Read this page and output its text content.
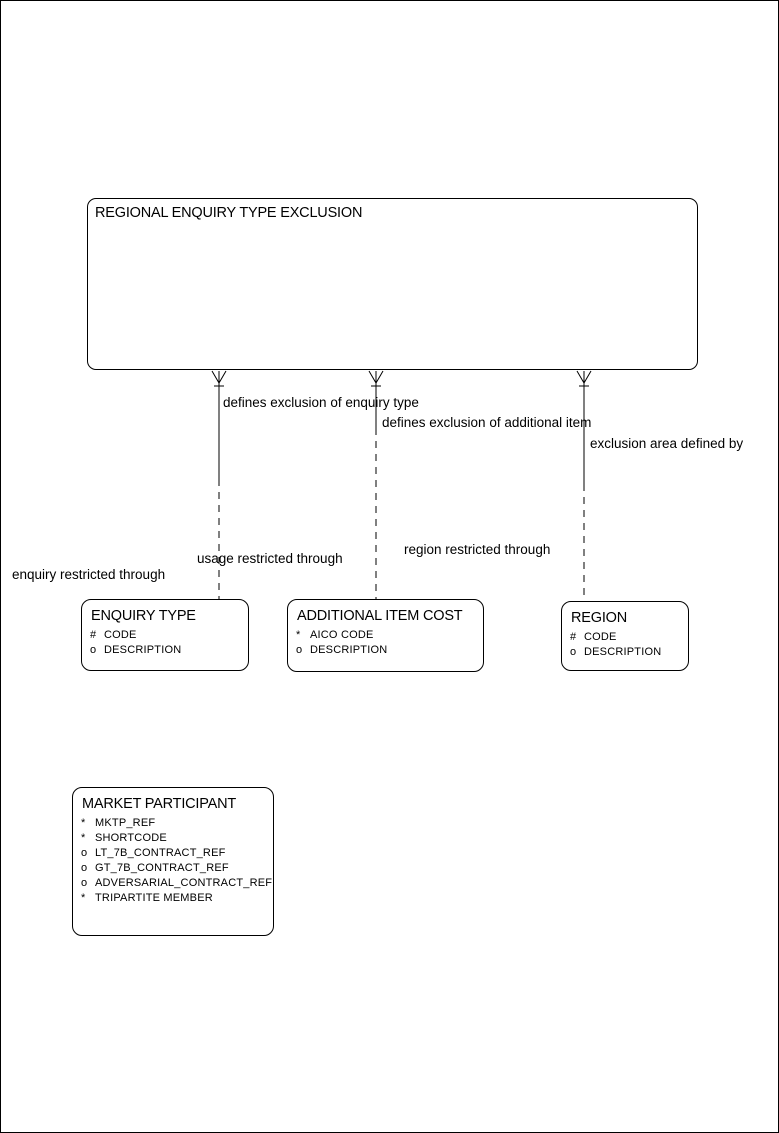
REGIONAL ENQUIRY TYPE EXCLUSION
defines exclusion of enquiry type
defines exclusion of additional item
exclusion area defined by
enquiry restricted through
usage restricted through
region restricted through
ENQUIRY TYPE
# CODE
o DESCRIPTION
ADDITIONAL ITEM COST
* AICO CODE
o DESCRIPTION
REGION
# CODE
o DESCRIPTION
MARKET PARTICIPANT
* MKTP_REF
* SHORTCODE
o LT_7B_CONTRACT_REF
o GT_7B_CONTRACT_REF
o ADVERSARIAL_CONTRACT_REF
* TRIPARTITE MEMBER
